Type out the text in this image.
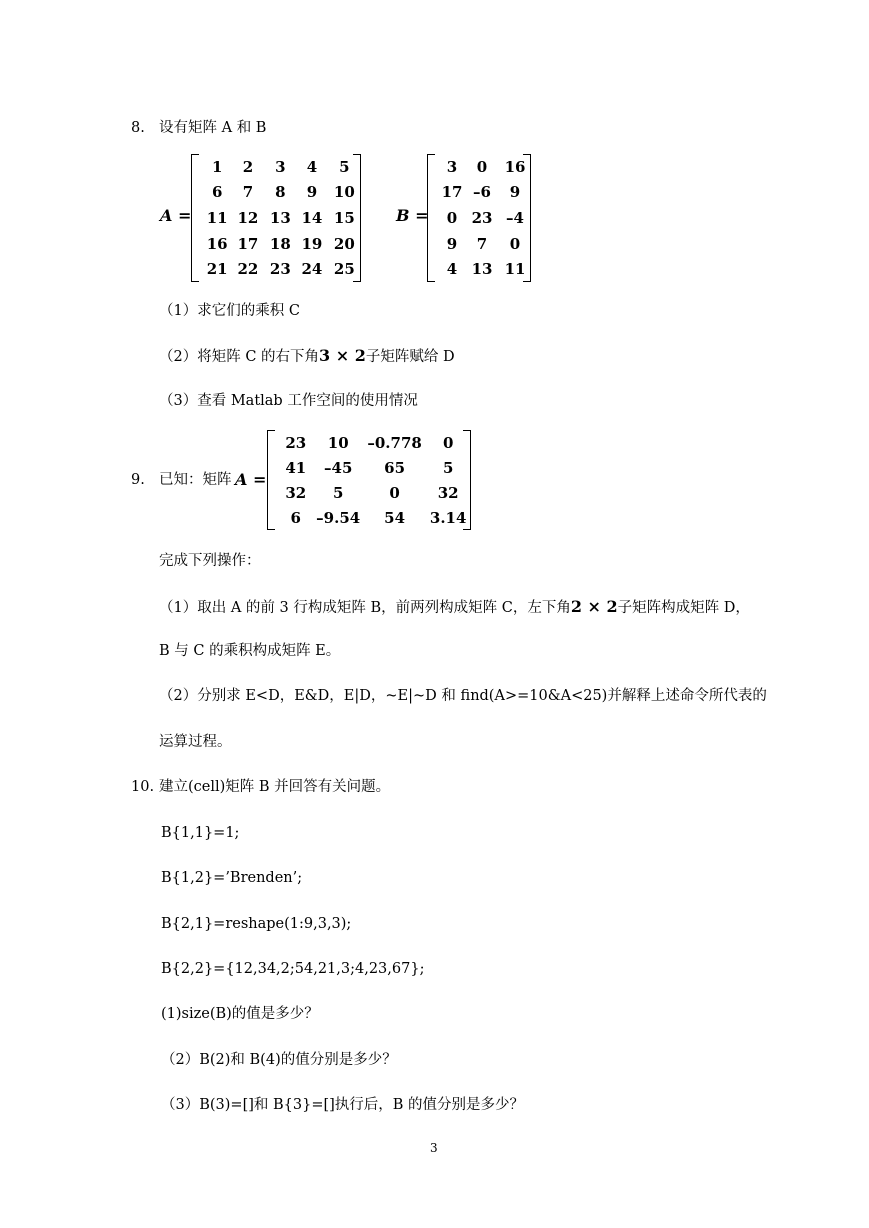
8. 设有矩阵 A 和 B
A =
1	2	3	4	5
6	7	8	9	10
11	12	13	14	15
16	17	18	19	20
21	22	23	24	25
B =
3	0	16
17	–6	9
0	23	–4
9	7	0
4	13	11
（1）求它们的乘积 C
（2）将矩阵 C 的右下角3 × 2子矩阵赋给 D
（3）查看 Matlab 工作空间的使用情况
9. 已知：矩阵 A =
23	10	–0.778	0
41	–45	65	5
32	5	0	32
6	–9.54	54	3.14
完成下列操作：
（1）取出 A 的前 3 行构成矩阵 B，前两列构成矩阵 C，左下角2 × 2子矩阵构成矩阵 D，
B 与 C 的乘积构成矩阵 E。
（2）分别求 E<D，E&D，E|D，~E|~D 和 find(A>=10&A<25)并解释上述命令所代表的
运算过程。
10. 建立(cell)矩阵 B 并回答有关问题。
B{1,1}=1;
B{1,2}=’Brenden’;
B{2,1}=reshape(1:9,3,3);
B{2,2}={12,34,2;54,21,3;4,23,67};
(1)size(B)的值是多少？
（2）B(2)和 B(4)的值分别是多少？
（3）B(3)=[]和 B{3}=[]执行后，B 的值分别是多少？
3
